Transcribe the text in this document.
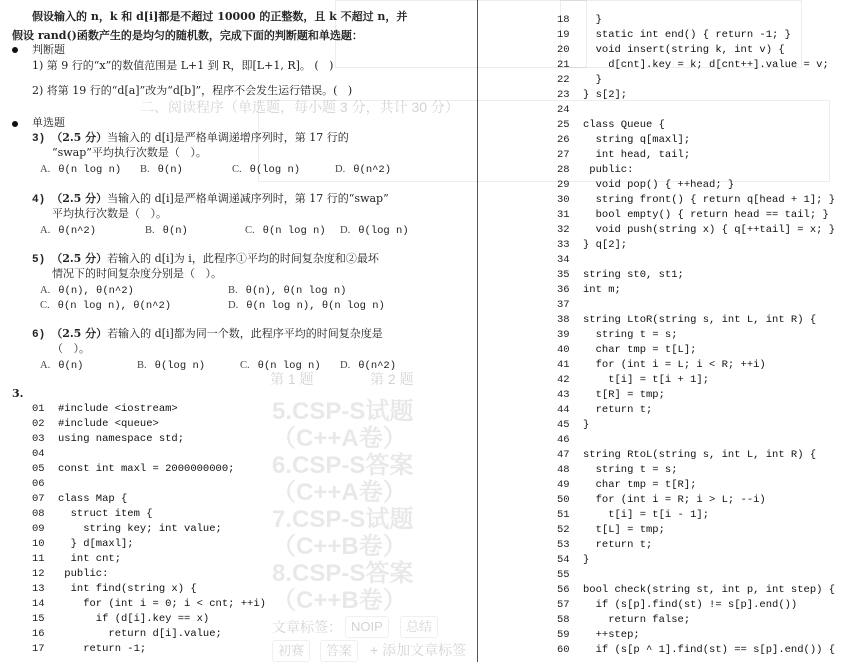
二、阅读程序（单选题，每小题 3 分，共计 30 分）
第 1 题	第 2 题
5.CSP-S试题（C++A卷）
6.CSP-S答案（C++A卷）
7.CSP-S试题（C++B卷）
8.CSP-S答案（C++B卷）
文章标签： NOIP	总结
初赛	答案	+ 添加文章标签
假设输入的 n，k 和 d[i]都是不超过 10000 的正整数，且 k 不超过 n，并
假设 rand()函数产生的是均匀的随机数，完成下面的判断题和单选题：
判断题
1) 第 9 行的“x”的数值范围是 L+1 到 R，即[L+1, R]。 (   )
2) 将第 19 行的“d[a]”改为“d[b]”，程序不会发生运行错误。(   )
单选题
3) （2.5 分）当输入的 d[i]是严格单调递增序列时，第 17 行的
“swap”平均执行次数是（   ）。
A. θ(n log n) B. θ(n)	C. θ(log n)	D. θ(n^2)
4) （2.5 分）当输入的 d[i]是严格单调递减序列时，第 17 行的“swap”
平均执行次数是（   ）。
A. θ(n^2)	B. θ(n)	C. θ(n log n) D. θ(log n)
5) （2.5 分）若输入的 d[i]为 i，此程序①平均的时间复杂度和②最坏
情况下的时间复杂度分别是（   ）。
A. θ(n), θ(n^2)	B. θ(n), θ(n log n)
C. θ(n log n), θ(n^2)	D. θ(n log n), θ(n log n)
6) （2.5 分）若输入的 d[i]都为同一个数，此程序平均的时间复杂度是
（   ）。
A. θ(n)	B. θ(log n)	C. θ(n log n) D. θ(n^2)
3.
01 #include <iostream>
02 #include <queue>
03 using namespace std;
04
05 const int maxl = 2000000000;
06
07 class Map {
08  struct item {
09    string key; int value;
10  } d[maxl];
11  int cnt;
12 public:
13  int find(string x) {
14    for (int i = 0; i < cnt; ++i)
15      if (d[i].key == x)
16        return d[i].value;
17    return -1;
18  }
19  static int end() { return -1; }
20  void insert(string k, int v) {
21    d[cnt].key = k; d[cnt++].value = v;
22  }
23 } s[2];
24
25 class Queue {
26  string q[maxl];
27  int head, tail;
28 public:
29  void pop() { ++head; }
30  string front() { return q[head + 1]; }
31  bool empty() { return head == tail; }
32  void push(string x) { q[++tail] = x; }
33 } q[2];
34
35 string st0, st1;
36 int m;
37
38 string LtoR(string s, int L, int R) {
39  string t = s;
40  char tmp = t[L];
41  for (int i = L; i < R; ++i)
42    t[i] = t[i + 1];
43  t[R] = tmp;
44  return t;
45 }
46
47 string RtoL(string s, int L, int R) {
48  string t = s;
49  char tmp = t[R];
50  for (int i = R; i > L; --i)
51    t[i] = t[i - 1];
52  t[L] = tmp;
53  return t;
54 }
55
56 bool check(string st, int p, int step) {
57  if (s[p].find(st) != s[p].end())
58    return false;
59  ++step;
60  if (s[p ^ 1].find(st) == s[p].end()) {
